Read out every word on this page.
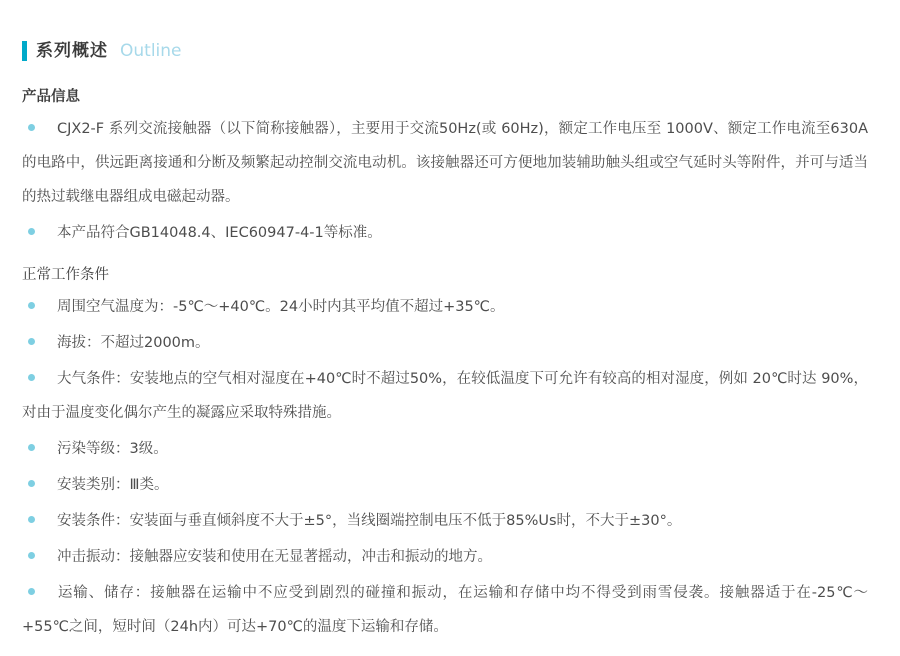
系列概述 Outline
产品信息
CJX2-F 系列交流接触器（以下简称接触器），主要用于交流50Hz(或 60Hz)，额定工作电压至 1000V、额定工作电流至630A的电路中，供远距离接通和分断及频繁起动控制交流电动机。该接触器还可方便地加装辅助触头组或空气延时头等附件，并可与适当的热过载继电器组成电磁起动器。
本产品符合GB14048.4、IEC60947-4-1等标准。
正常工作条件
周围空气温度为：-5℃～+40℃。24小时内其平均值不超过+35℃。
海拔：不超过2000m。
大气条件：安装地点的空气相对湿度在+40℃时不超过50%，在较低温度下可允许有较高的相对湿度，例如 20℃时达 90%，对由于温度变化偶尔产生的凝露应采取特殊措施。
污染等级：3级。
安装类别：Ⅲ类。
安装条件：安装面与垂直倾斜度不大于±5°，当线圈端控制电压不低于85%Us时，不大于±30°。
冲击振动：接触器应安装和使用在无显著摇动，冲击和振动的地方。
运输、储存：接触器在运输中不应受到剧烈的碰撞和振动，在运输和存储中均不得受到雨雪侵袭。接触器适于在-25℃～+55℃之间，短时间（24h内）可达+70℃的温度下运输和存储。
